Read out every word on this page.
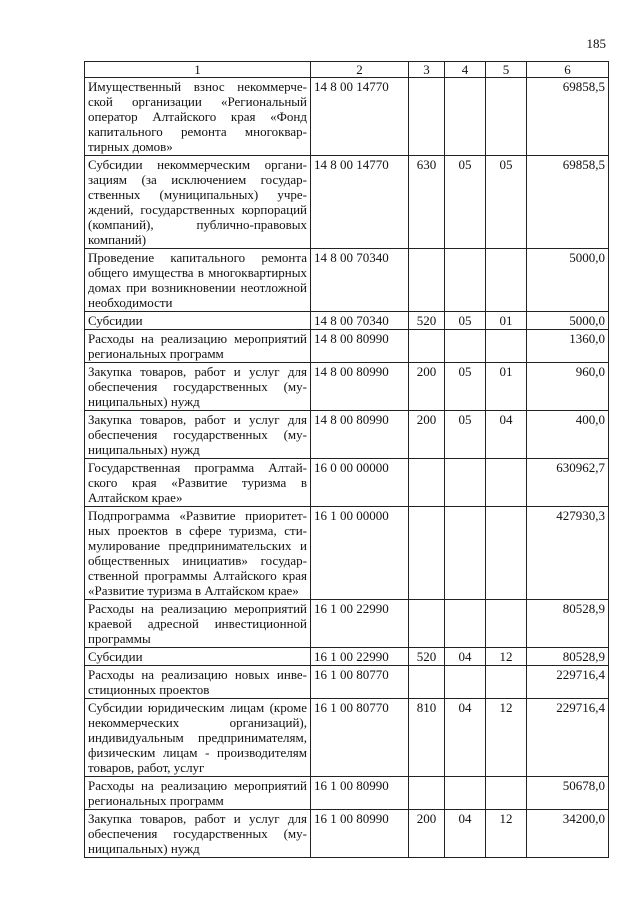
185
1	2	3	4	5	6
Имущественный взнос некоммерческой организации «Региональный оператор Алтайского края «Фонд капитального ремонта многоквартирных домов»	14 8 00 14770				69858,5
Субсидии некоммерческим организациям (за исключением государственных (муниципальных) учреждений, государственных корпораций (компаний), публично-правовых компаний)	14 8 00 14770	630	05	05	69858,5
Проведение капитального ремонта общего имущества в многоквартирных домах при возникновении неотложной необходимости	14 8 00 70340				5000,0
Субсидии	14 8 00 70340	520	05	01	5000,0
Расходы на реализацию мероприятий региональных программ	14 8 00 80990				1360,0
Закупка товаров, работ и услуг для обеспечения государственных (муниципальных) нужд	14 8 00 80990	200	05	01	960,0
Закупка товаров, работ и услуг для обеспечения государственных (муниципальных) нужд	14 8 00 80990	200	05	04	400,0
Государственная программа Алтайского края «Развитие туризма в Алтайском крае»	16 0 00 00000				630962,7
Подпрограмма «Развитие приоритетных проектов в сфере туризма, стимулирование предпринимательских и общественных инициатив» государственной программы Алтайского края «Развитие туризма в Алтайском крае»	16 1 00 00000				427930,3
Расходы на реализацию мероприятий краевой адресной инвестиционной программы	16 1 00 22990				80528,9
Субсидии	16 1 00 22990	520	04	12	80528,9
Расходы на реализацию новых инвестиционных проектов	16 1 00 80770				229716,4
Субсидии юридическим лицам (кроме некоммерческих организаций), индивидуальным предпринимателям, физическим лицам - производителям товаров, работ, услуг	16 1 00 80770	810	04	12	229716,4
Расходы на реализацию мероприятий региональных программ	16 1 00 80990				50678,0
Закупка товаров, работ и услуг для обеспечения государственных (муниципальных) нужд	16 1 00 80990	200	04	12	34200,0
